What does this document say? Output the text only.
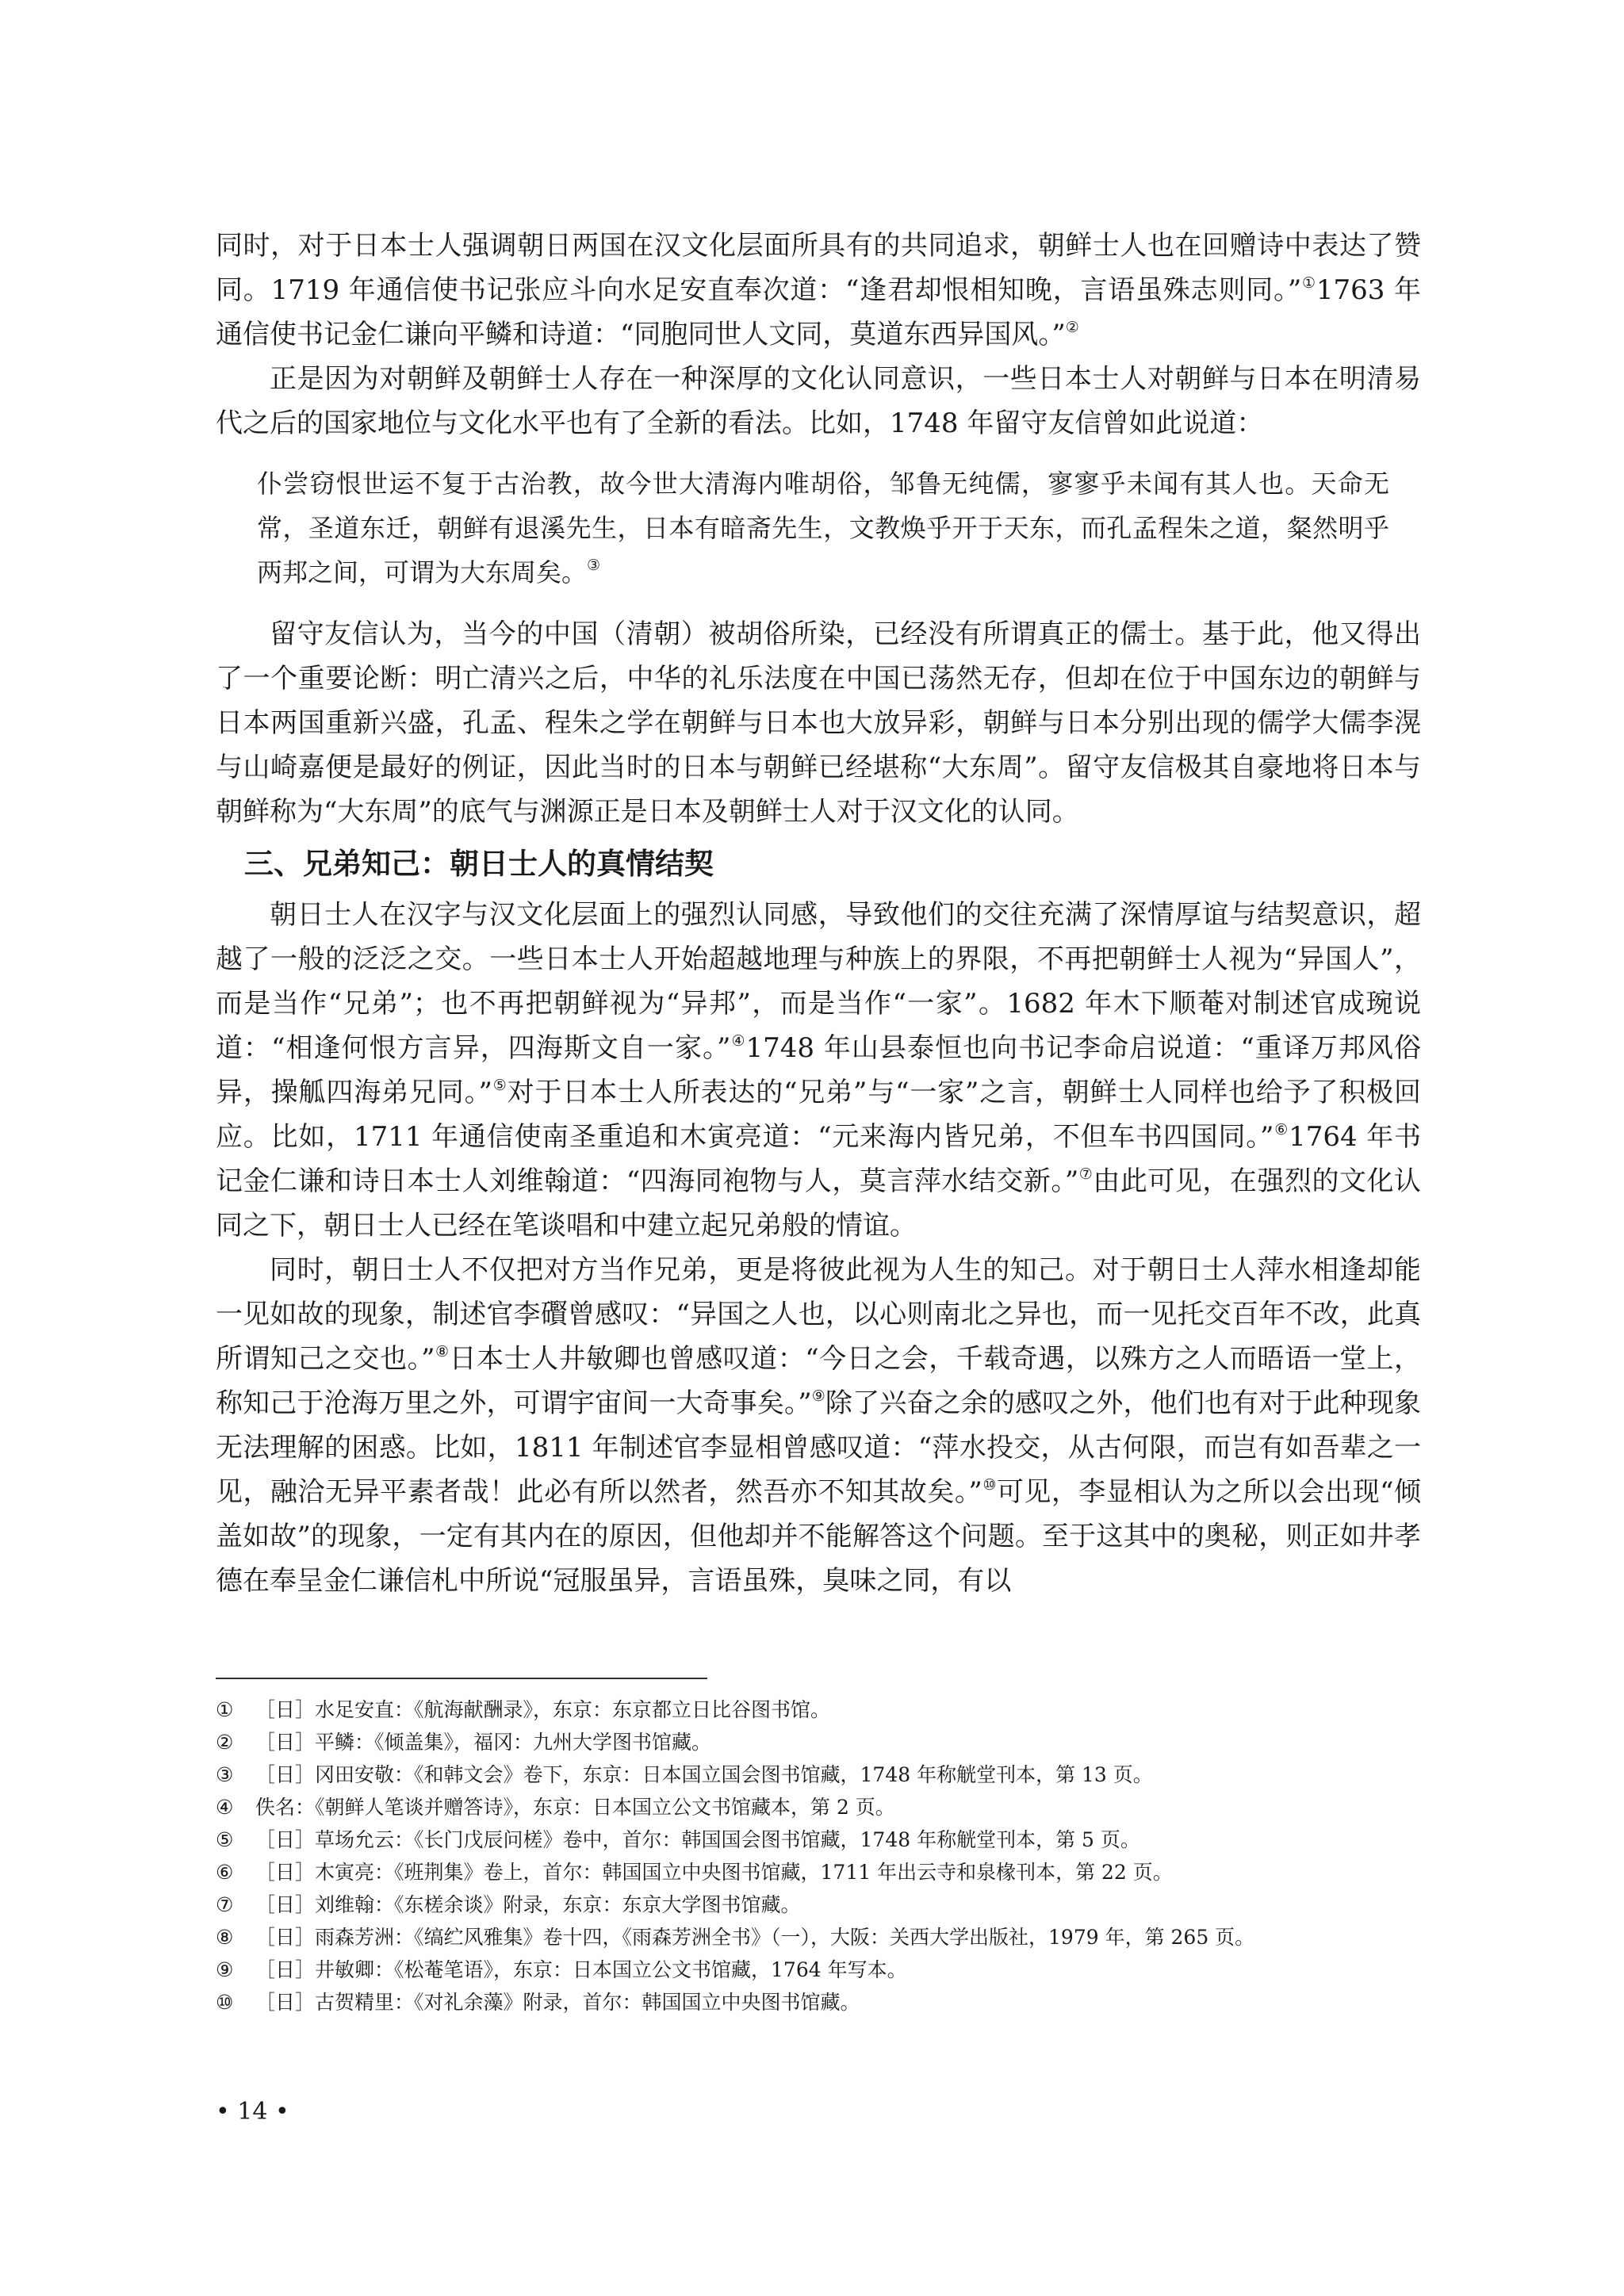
同时，对于日本士人强调朝日两国在汉文化层面所具有的共同追求，朝鲜士人也在回赠诗中表达了赞同。1719 年通信使书记张应斗向水足安直奉次道：“逢君却恨相知晚，言语虽殊志则同。”①1763 年通信使书记金仁谦向平鳞和诗道：“同胞同世人文同，莫道东西异国风。”②

正是因为对朝鲜及朝鲜士人存在一种深厚的文化认同意识，一些日本士人对朝鲜与日本在明清易代之后的国家地位与文化水平也有了全新的看法。比如，1748 年留守友信曾如此说道：

仆尝窃恨世运不复于古治教，故今世大清海内唯胡俗，邹鲁无纯儒，寥寥乎未闻有其人也。天命无常，圣道东迁，朝鲜有退溪先生，日本有暗斋先生，文教焕乎开于天东，而孔孟程朱之道，粲然明乎两邦之间，可谓为大东周矣。③

留守友信认为，当今的中国（清朝）被胡俗所染，已经没有所谓真正的儒士。基于此，他又得出了一个重要论断：明亡清兴之后，中华的礼乐法度在中国已荡然无存，但却在位于中国东边的朝鲜与日本两国重新兴盛，孔孟、程朱之学在朝鲜与日本也大放异彩，朝鲜与日本分别出现的儒学大儒李滉与山崎嘉便是最好的例证，因此当时的日本与朝鲜已经堪称“大东周”。留守友信极其自豪地将日本与朝鲜称为“大东周”的底气与渊源正是日本及朝鲜士人对于汉文化的认同。

三、兄弟知己：朝日士人的真情结契

朝日士人在汉字与汉文化层面上的强烈认同感，导致他们的交往充满了深情厚谊与结契意识，超越了一般的泛泛之交。一些日本士人开始超越地理与种族上的界限，不再把朝鲜士人视为“异国人”，而是当作“兄弟”；也不再把朝鲜视为“异邦”，而是当作“一家”。1682 年木下顺菴对制述官成琬说道：“相逢何恨方言异，四海斯文自一家。”④1748 年山县泰恒也向书记李命启说道：“重译万邦风俗异，操觚四海弟兄同。”⑤对于日本士人所表达的“兄弟”与“一家”之言，朝鲜士人同样也给予了积极回应。比如，1711 年通信使南圣重追和木寅亮道：“元来海内皆兄弟，不但车书四国同。”⑥1764 年书记金仁谦和诗日本士人刘维翰道：“四海同袍物与人，莫言萍水结交新。”⑦由此可见，在强烈的文化认同之下，朝日士人已经在笔谈唱和中建立起兄弟般的情谊。

同时，朝日士人不仅把对方当作兄弟，更是将彼此视为人生的知己。对于朝日士人萍水相逢却能一见如故的现象，制述官李礥曾感叹：“异国之人也，以心则南北之异也，而一见托交百年不改，此真所谓知己之交也。”⑧日本士人井敏卿也曾感叹道：“今日之会，千载奇遇，以殊方之人而晤语一堂上，称知己于沧海万里之外，可谓宇宙间一大奇事矣。”⑨除了兴奋之余的感叹之外，他们也有对于此种现象无法理解的困惑。比如，1811 年制述官李显相曾感叹道：“萍水投交，从古何限，而岂有如吾辈之一见，融洽无异平素者哉！此必有所以然者，然吾亦不知其故矣。”⑩可见，李显相认为之所以会出现“倾盖如故”的现象，一定有其内在的原因，但他却并不能解答这个问题。至于这其中的奥秘，则正如井孝德在奉呈金仁谦信札中所说“冠服虽异，言语虽殊，臭味之同，有以

① ［日］水足安直：《航海献酬录》，东京：东京都立日比谷图书馆。

② ［日］平鳞：《倾盖集》，福冈：九州大学图书馆藏。

③ ［日］冈田安敬：《和韩文会》卷下，东京：日本国立国会图书馆藏，1748 年称觥堂刊本，第 13 页。

④ 佚名：《朝鲜人笔谈并赠答诗》，东京：日本国立公文书馆藏本，第 2 页。

⑤ ［日］草场允云：《长门戊辰问槎》卷中，首尔：韩国国会图书馆藏，1748 年称觥堂刊本，第 5 页。

⑥ ［日］木寅亮：《班荆集》卷上，首尔：韩国国立中央图书馆藏，1711 年出云寺和泉椽刊本，第 22 页。

⑦ ［日］刘维翰：《东槎余谈》附录，东京：东京大学图书馆藏。

⑧ ［日］雨森芳洲：《缟纻风雅集》卷十四，《雨森芳洲全书》（一），大阪：关西大学出版社，1979 年，第 265 页。

⑨ ［日］井敏卿：《松菴笔语》，东京：日本国立公文书馆藏，1764 年写本。

⑩ ［日］古贺精里：《对礼余藻》附录，首尔：韩国国立中央图书馆藏。

• 14 •
